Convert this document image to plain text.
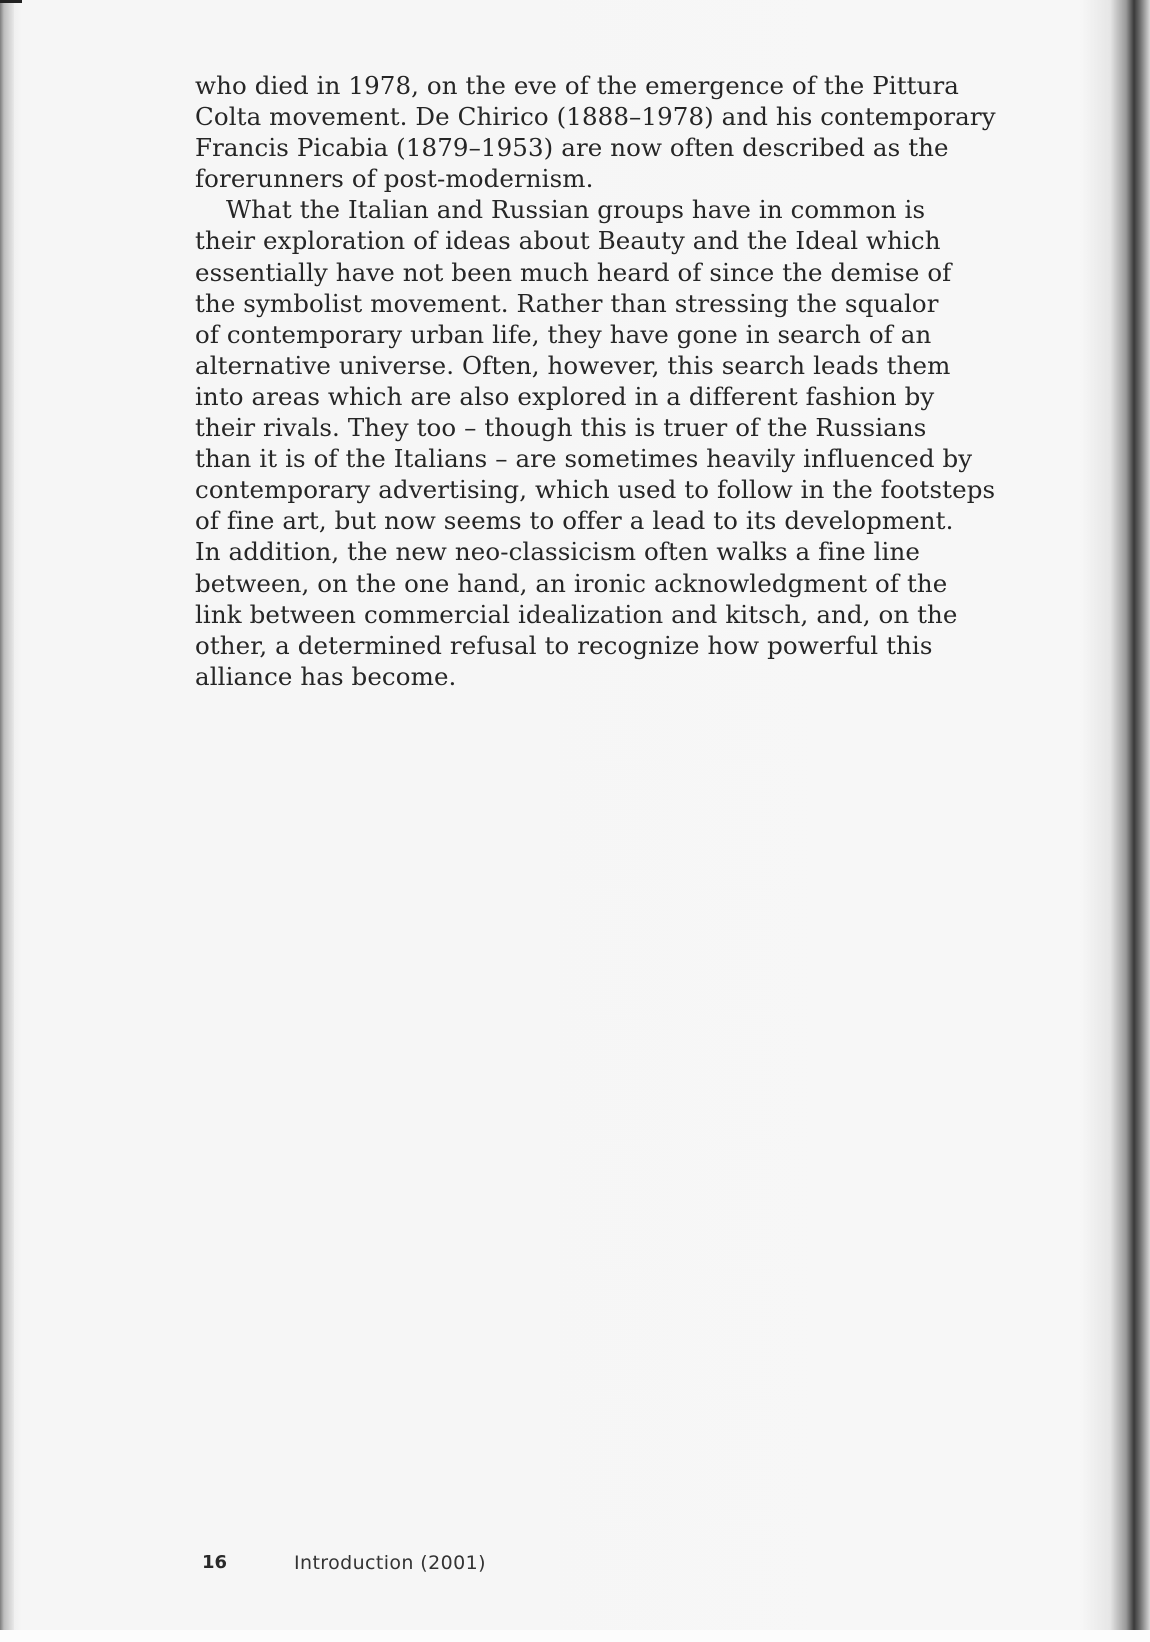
who died in 1978, on the eve of the emergence of the Pittura
Colta movement. De Chirico (1888–1978) and his contemporary
Francis Picabia (1879–1953) are now often described as the
forerunners of post-modernism.

What the Italian and Russian groups have in common is
their exploration of ideas about Beauty and the Ideal which
essentially have not been much heard of since the demise of
the symbolist movement. Rather than stressing the squalor
of contemporary urban life, they have gone in search of an
alternative universe. Often, however, this search leads them
into areas which are also explored in a different fashion by
their rivals. They too – though this is truer of the Russians
than it is of the Italians – are sometimes heavily influenced by
contemporary advertising, which used to follow in the footsteps
of fine art, but now seems to offer a lead to its development.
In addition, the new neo-classicism often walks a fine line
between, on the one hand, an ironic acknowledgment of the
link between commercial idealization and kitsch, and, on the
other, a determined refusal to recognize how powerful this
alliance has become.

16	Introduction (2001)
